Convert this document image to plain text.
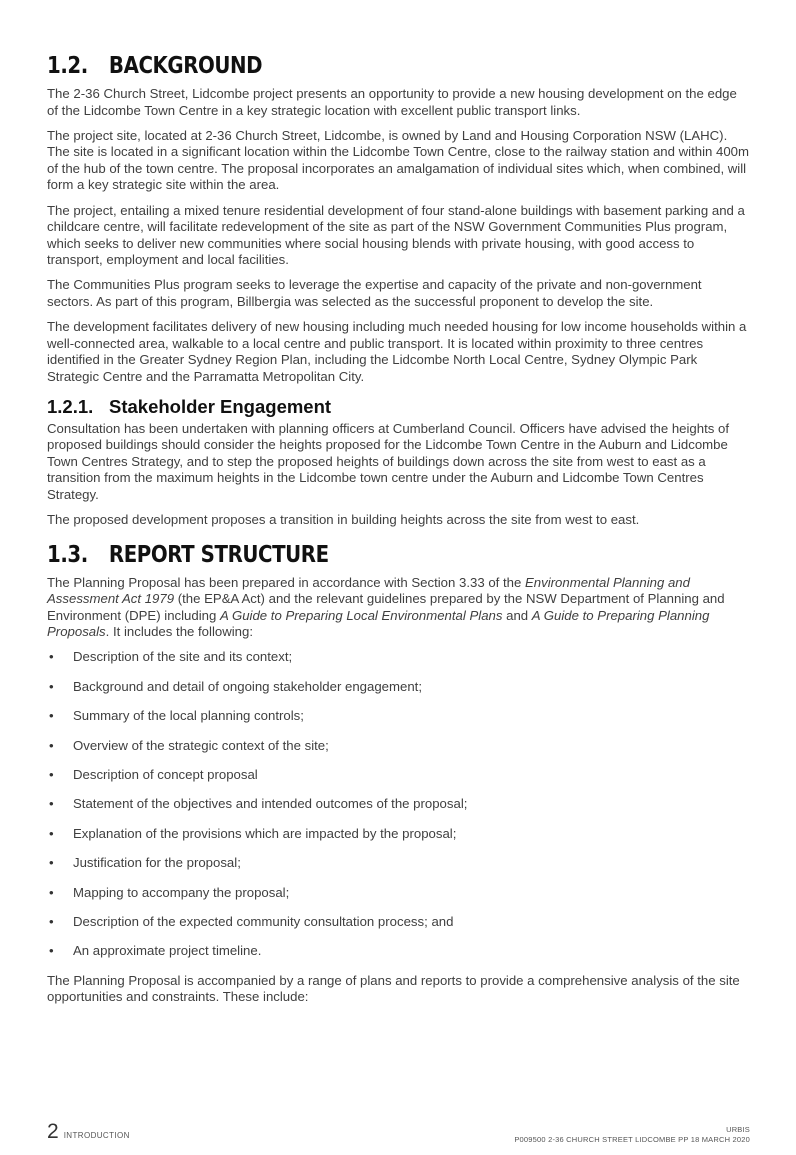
1.2. BACKGROUND

The 2-36 Church Street, Lidcombe project presents an opportunity to provide a new housing development on the edge of the Lidcombe Town Centre in a key strategic location with excellent public transport links.

The project site, located at 2-36 Church Street, Lidcombe, is owned by Land and Housing Corporation NSW (LAHC). The site is located in a significant location within the Lidcombe Town Centre, close to the railway station and within 400m of the hub of the town centre. The proposal incorporates an amalgamation of individual sites which, when combined, will form a key strategic site within the area.

The project, entailing a mixed tenure residential development of four stand-alone buildings with basement parking and a childcare centre, will facilitate redevelopment of the site as part of the NSW Government Communities Plus program, which seeks to deliver new communities where social housing blends with private housing, with good access to transport, employment and local facilities.

The Communities Plus program seeks to leverage the expertise and capacity of the private and non-government sectors. As part of this program, Billbergia was selected as the successful proponent to develop the site.

The development facilitates delivery of new housing including much needed housing for low income households within a well-connected area, walkable to a local centre and public transport. It is located within proximity to three centres identified in the Greater Sydney Region Plan, including the Lidcombe North Local Centre, Sydney Olympic Park Strategic Centre and the Parramatta Metropolitan City.

1.2.1. Stakeholder Engagement

Consultation has been undertaken with planning officers at Cumberland Council. Officers have advised the heights of proposed buildings should consider the heights proposed for the Lidcombe Town Centre in the Auburn and Lidcombe Town Centres Strategy, and to step the proposed heights of buildings down across the site from west to east as a transition from the maximum heights in the Lidcombe town centre under the Auburn and Lidcombe Town Centres Strategy.

The proposed development proposes a transition in building heights across the site from west to east.

1.3. REPORT STRUCTURE

The Planning Proposal has been prepared in accordance with Section 3.33 of the Environmental Planning and Assessment Act 1979 (the EP&A Act) and the relevant guidelines prepared by the NSW Department of Planning and Environment (DPE) including A Guide to Preparing Local Environmental Plans and A Guide to Preparing Planning Proposals. It includes the following:

• Description of the site and its context;
• Background and detail of ongoing stakeholder engagement;
• Summary of the local planning controls;
• Overview of the strategic context of the site;
• Description of concept proposal
• Statement of the objectives and intended outcomes of the proposal;
• Explanation of the provisions which are impacted by the proposal;
• Justification for the proposal;
• Mapping to accompany the proposal;
• Description of the expected community consultation process; and
• An approximate project timeline.

The Planning Proposal is accompanied by a range of plans and reports to provide a comprehensive analysis of the site opportunities and constraints. These include:

2 INTRODUCTION
URBIS
P009500 2-36 CHURCH STREET LIDCOMBE PP 18 MARCH 2020
